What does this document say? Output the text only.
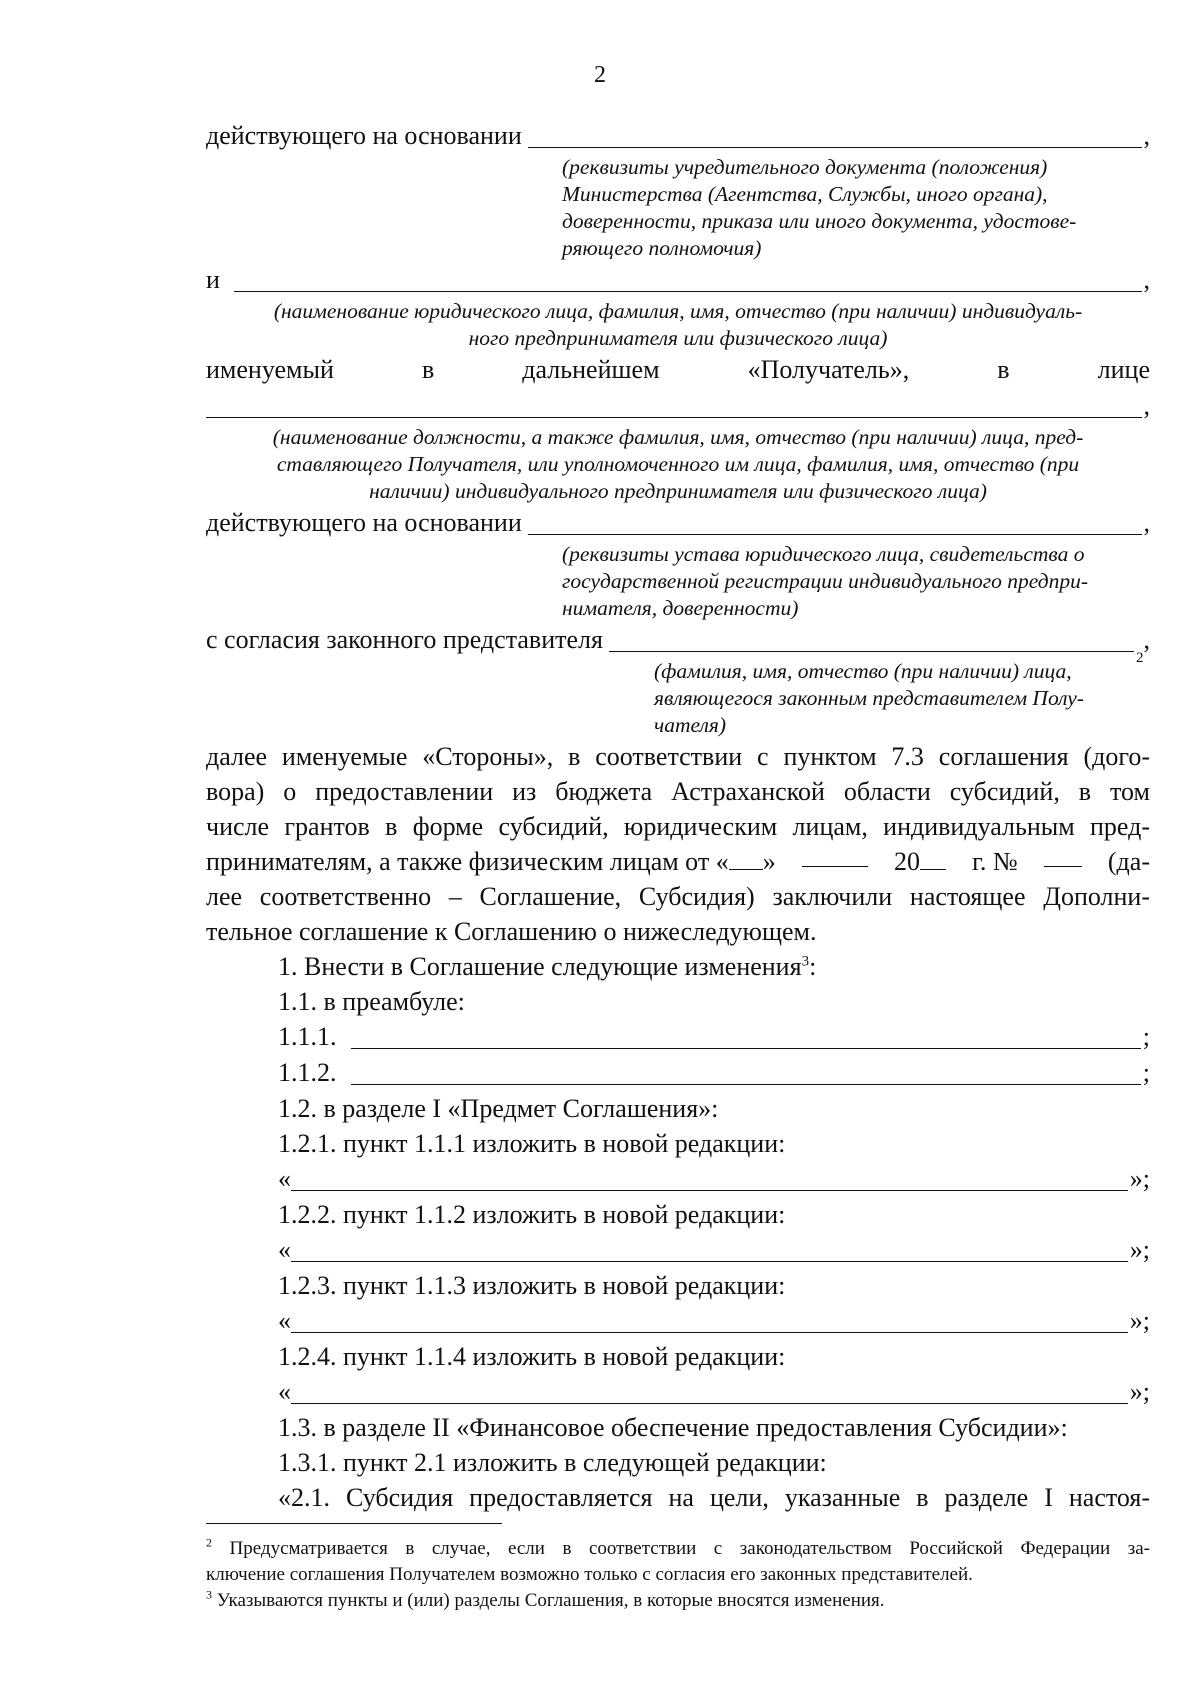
2
действующего на основании	,
(реквизиты учредительного документа (положения)
Министерства (Агентства, Службы, иного органа),
доверенности, приказа или иного документа, удостове-
ряющего полномочия)
и	,
(наименование юридического лица, фамилия, имя, отчество (при наличии) индивидуаль-
ного предпринимателя или физического лица)
именуемый в дальнейшем «Получатель», в лице
,
(наименование должности, а также фамилия, имя, отчество (при наличии) лица, пред-
ставляющего Получателя, или уполномоченного им лица, фамилия, имя, отчество (при
наличии) индивидуального предпринимателя или физического лица)
действующего на основании	,
(реквизиты устава юридического лица, свидетельства о
государственной регистрации индивидуального предпри-
нимателя, доверенности)
с согласия законного представителя
2
,
(фамилия, имя, отчество (при наличии) лица,
являющегося законным представителем Полу-
чателя)
далее именуемые «Стороны», в соответствии с пунктом 7.3 соглашения (дого-
вора) о предоставлении из бюджета Астраханской области субсидий, в том
числе грантов в форме субсидий, юридическим лицам, индивидуальным пред-
принимателям, а также физическим лицам от « »	20	г. №	(да-
лее соответственно – Соглашение, Субсидия) заключили настоящее Дополни-
тельное соглашение к Соглашению о нижеследующем.
1. Внести в Соглашение следующие изменения$^3$:
1.1. в преамбуле:
1.1.1.	;
1.1.2.	;
1.2. в разделе I «Предмет Соглашения»:
1.2.1. пункт 1.1.1 изложить в новой редакции:
«	»;
1.2.2. пункт 1.1.2 изложить в новой редакции:
«	»;
1.2.3. пункт 1.1.3 изложить в новой редакции:
«	»;
1.2.4. пункт 1.1.4 изложить в новой редакции:
«	»;
1.3. в разделе II «Финансовое обеспечение предоставления Субсидии»:
1.3.1. пункт 2.1 изложить в следующей редакции:
«2.1. Субсидия предоставляется на цели, указанные в разделе I настоя-
$^2$ Предусматривается в случае, если в соответствии с законодательством Российской Федерации за-
ключение соглашения Получателем возможно только с согласия его законных представителей.
$^3$ Указываются пункты и (или) разделы Соглашения, в которые вносятся изменения.
